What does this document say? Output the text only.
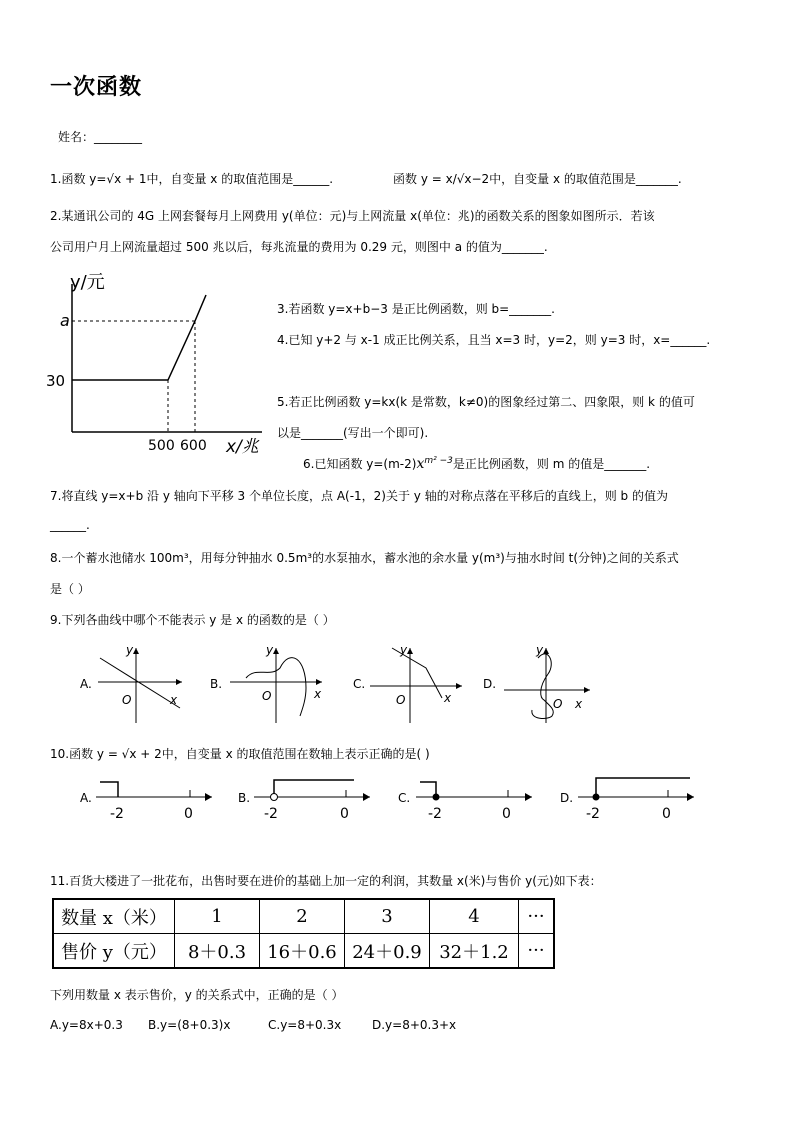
一次函数
姓名：________
1.函数 y=√x + 1中，自变量 x 的取值范围是______.	函数 y = x/√x−2中，自变量 x 的取值范围是_______.
2.某通讯公司的 4G 上网套餐每月上网费用 y(单位：元)与上网流量 x(单位：兆)的函数关系的图象如图所示．若该
公司用户月上网流量超过 500 兆以后，每兆流量的费用为 0.29 元，则图中 a 的值为_______.
y/元
a
30
500 600 x/兆
3.若函数 y=x+b−3 是正比例函数，则 b=_______.
4.已知 y+2 与 x-1 成正比例关系，且当 x=3 时，y=2，则 y=3 时，x=______.
5.若正比例函数 y=kx(k 是常数，k≠0)的图象经过第二、四象限，则 k 的值可
以是_______(写出一个即可).
6.已知函数 $y=(m-2)x^{m^2 -3}$是正比例函数，则 m 的值是_______.
7.将直线 y=x+b 沿 y 轴向下平移 3 个单位长度，点 A(-1，2)关于 y 轴的对称点落在平移后的直线上，则 b 的值为
______.
8.一个蓄水池储水 100m³，用每分钟抽水 0.5m³的水泵抽水，蓄水池的余水量 y(m³)与抽水时间 t(分钟)之间的关系式
是（ ）
9.下列各曲线中哪个不能表示 y 是 x 的函数的是（ ）
A.
y
x
O
B.
y
x
O
C.
y
x
O
D.
y
x
O
10.函数 y = √x + 2中，自变量 x 的取值范围在数轴上表示正确的是( )
A.
-2	0
B.
-2	0
C.
-2	0
D.
-2	0
11.百货大楼进了一批花布，出售时要在进价的基础上加一定的利润，其数量 x(米)与售价 y(元)如下表：
数量 x（米）	1	2	3	4	···
售价 y（元）	8＋0.3	16＋0.6	24＋0.9	32＋1.2	···
下列用数量 x 表示售价，y 的关系式中，正确的是（ ）
A.y=8x+0.3 B.y=(8+0.3)x	C.y=8+0.3x	D.y=8+0.3+x
